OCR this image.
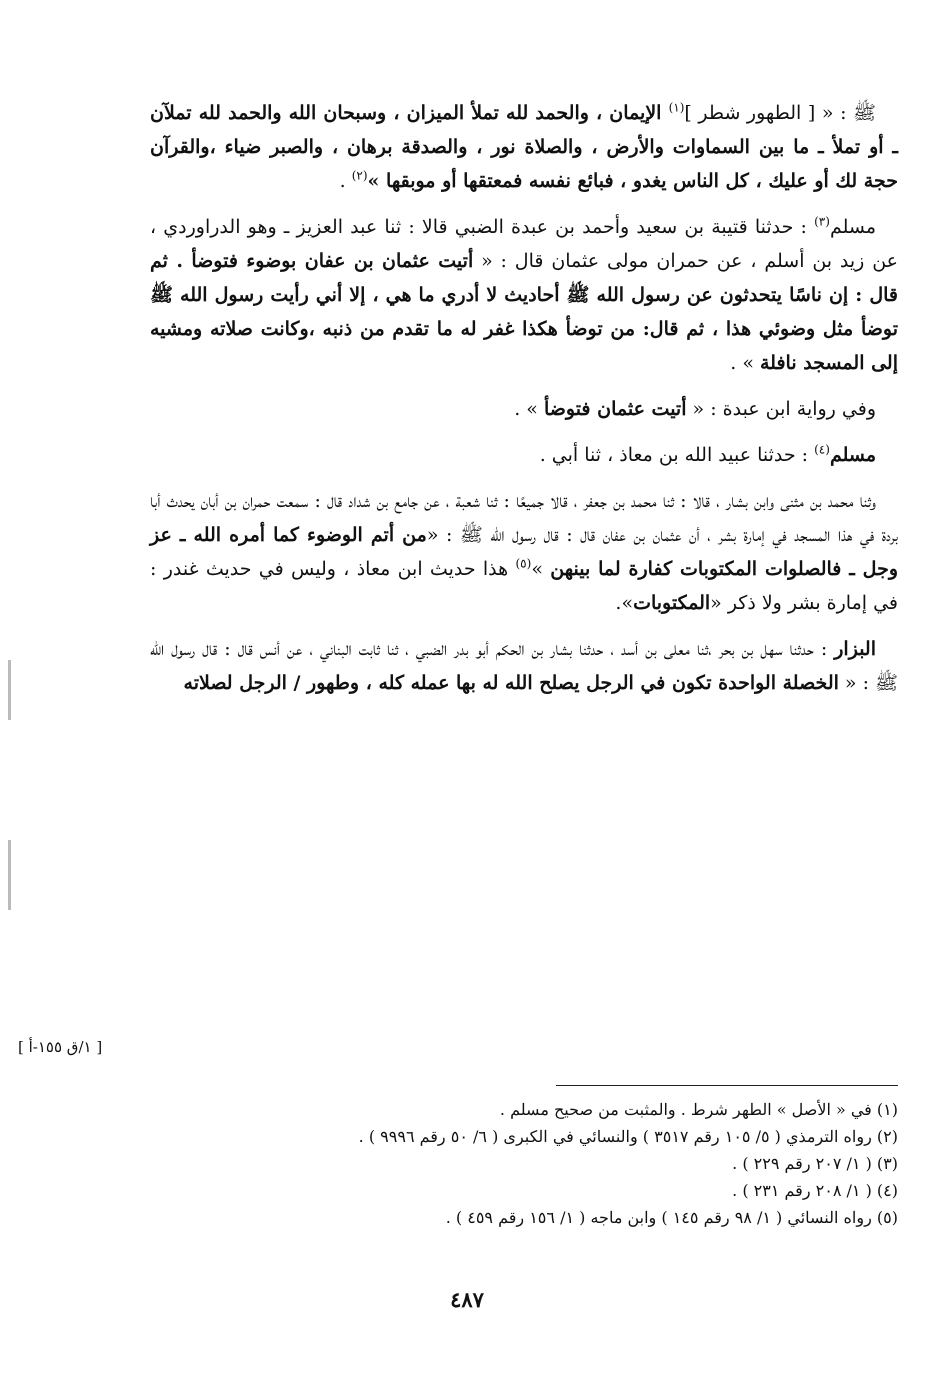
ﷺ : « [ الطهور شطر ]$^{(١)}$ الإيمان ، والحمد لله تملأ الميزان ، وسبحان الله والحمد لله تملآن ـ أو تملأ ـ ما بين السماوات والأرض ، والصلاة نور ، والصدقة برهان ، والصبر ضياء ،والقرآن حجة لك أو عليك ، كل الناس يغدو ، فبائع نفسه فمعتقها أو موبقها »$^{(٢)}$ .

مسلم$^{(٣)}$ : حدثنا قتيبة بن سعيد وأحمد بن عبدة الضبي قالا : ثنا عبد العزيز ـ وهو الدراوردي ، عن زيد بن أسلم ، عن حمران مولى عثمان قال : « أتيت عثمان بن عفان بوضوء فتوضأ . ثم قال : إن ناسًا يتحدثون عن رسول الله ﷺ أحاديث لا أدري ما هي ، إلا أني رأيت رسول الله ﷺ توضأ مثل وضوئي هذا ، ثم قال: من توضأ هكذا غفر له ما تقدم من ذنبه ،وكانت صلاته ومشيه إلى المسجد نافلة » .

وفي رواية ابن عبدة : « أتيت عثمان فتوضأ » .

مسلم$^{(٤)}$ : حدثنا عبيد الله بن معاذ ، ثنا أبي .

وثنا محمد بن مثنى وابن بشار ، قالا : ثنا محمد بن جعفر ، قالا جميعًا : ثنا شعبة ، عن جامع بن شداد قال : سمعت حمران بن أبان يحدث أبا بردة في هذا المسجد في إمارة بشر ، أن عثمان بن عفان قال : قال رسول الله ﷺ : «من أتم الوضوء كما أمره الله ـ عز وجل ـ فالصلوات المكتوبات كفارة لما بينهن »$^{(٥)}$ هذا حديث ابن معاذ ، وليس في حديث غندر : في إمارة بشر ولا ذكر «المكتوبات».

البزار : حدثنا سهل بن بحر ،ثنا معلى بن أسد ، حدثنا بشار بن الحكم أبو بدر الضبي ، ثنا ثابت البناني ، عن أنس قال : قال رسول الله ﷺ : « الخصلة الواحدة تكون في الرجل يصلح الله له بها عمله كله ، وطهور / الرجل لصلاته

[ ١/ق ١٥٥-أ ]
(١) في « الأصل » الطهر شرط . والمثبت من صحيح مسلم .
(٢) رواه الترمذي ( ٥/ ١٠٥ رقم ٣٥١٧ ) والنسائي في الكبرى ( ٦/ ٥٠ رقم ٩٩٩٦ ) .
(٣) ( ١/ ٢٠٧ رقم ٢٢٩ ) .
(٤) ( ١/ ٢٠٨ رقم ٢٣١ ) .
(٥) رواه النسائي ( ١/ ٩٨ رقم ١٤٥ ) وابن ماجه ( ١/ ١٥٦ رقم ٤٥٩ ) .
٤٨٧
